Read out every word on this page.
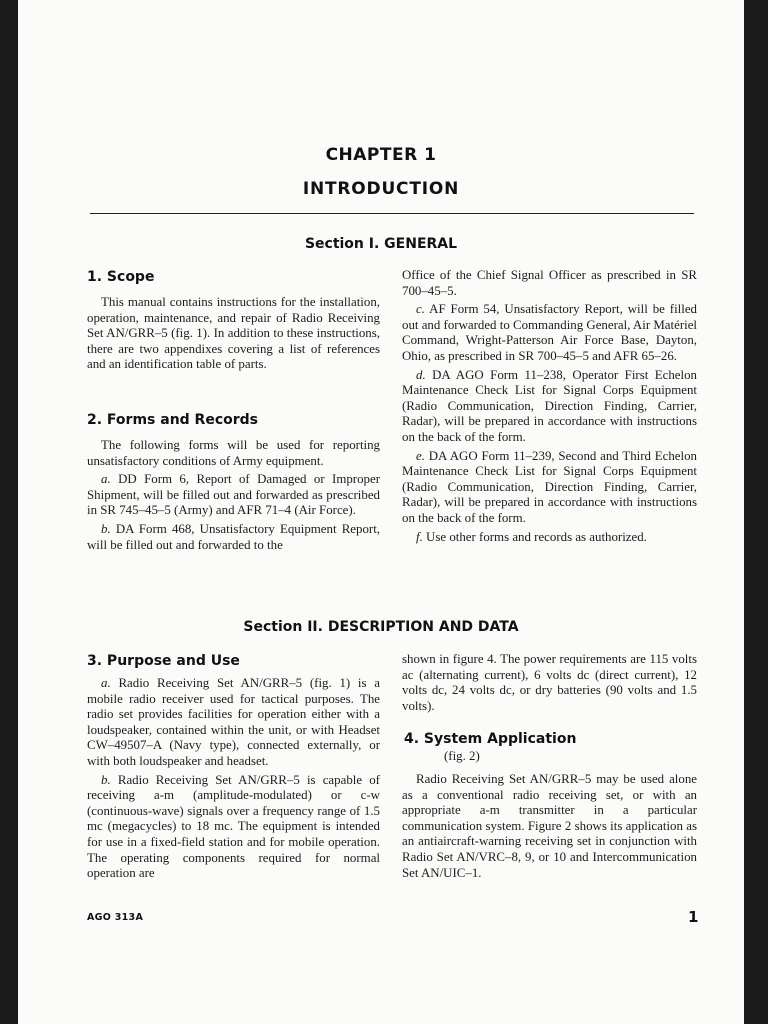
CHAPTER 1
INTRODUCTION
Section I. GENERAL
1. Scope

This manual contains instructions for the installation, operation, maintenance, and repair of Radio Receiving Set AN/GRR–5 (fig. 1). In addition to these instructions, there are two appendixes covering a list of references and an identification table of parts.

2. Forms and Records

The following forms will be used for reporting unsatisfactory conditions of Army equipment.

a. DD Form 6, Report of Damaged or Improper Shipment, will be filled out and forwarded as prescribed in SR 745–45–5 (Army) and AFR 71–4 (Air Force).

b. DA Form 468, Unsatisfactory Equipment Report, will be filled out and forwarded to the

Office of the Chief Signal Officer as prescribed in SR 700–45–5.

c. AF Form 54, Unsatisfactory Report, will be filled out and forwarded to Commanding General, Air Matériel Command, Wright-Patterson Air Force Base, Dayton, Ohio, as prescribed in SR 700–45–5 and AFR 65–26.

d. DA AGO Form 11–238, Operator First Echelon Maintenance Check List for Signal Corps Equipment (Radio Communication, Direction Finding, Carrier, Radar), will be prepared in accordance with instructions on the back of the form.

e. DA AGO Form 11–239, Second and Third Echelon Maintenance Check List for Signal Corps Equipment (Radio Communication, Direction Finding, Carrier, Radar), will be prepared in accordance with instructions on the back of the form.

f. Use other forms and records as authorized.

Section II. DESCRIPTION AND DATA
3. Purpose and Use

a. Radio Receiving Set AN/GRR–5 (fig. 1) is a mobile radio receiver used for tactical purposes. The radio set provides facilities for operation either with a loudspeaker, contained within the unit, or with Headset CW–49507–A (Navy type), connected externally, or with both loudspeaker and headset.

b. Radio Receiving Set AN/GRR–5 is capable of receiving a-m (amplitude-modulated) or c-w (continuous-wave) signals over a frequency range of 1.5 mc (megacycles) to 18 mc. The equipment is intended for use in a fixed-field station and for mobile operation. The operating components required for normal operation are

shown in figure 4. The power requirements are 115 volts ac (alternating current), 6 volts dc (direct current), 12 volts dc, 24 volts dc, or dry batteries (90 volts and 1.5 volts).

4. System Application
(fig. 2)

Radio Receiving Set AN/GRR–5 may be used alone as a conventional radio receiving set, or with an appropriate a-m transmitter in a particular communication system. Figure 2 shows its application as an antiaircraft-warning receiving set in conjunction with Radio Set AN/VRC–8, 9, or 10 and Intercommunication Set AN/UIC–1.

AGO 313A	1
